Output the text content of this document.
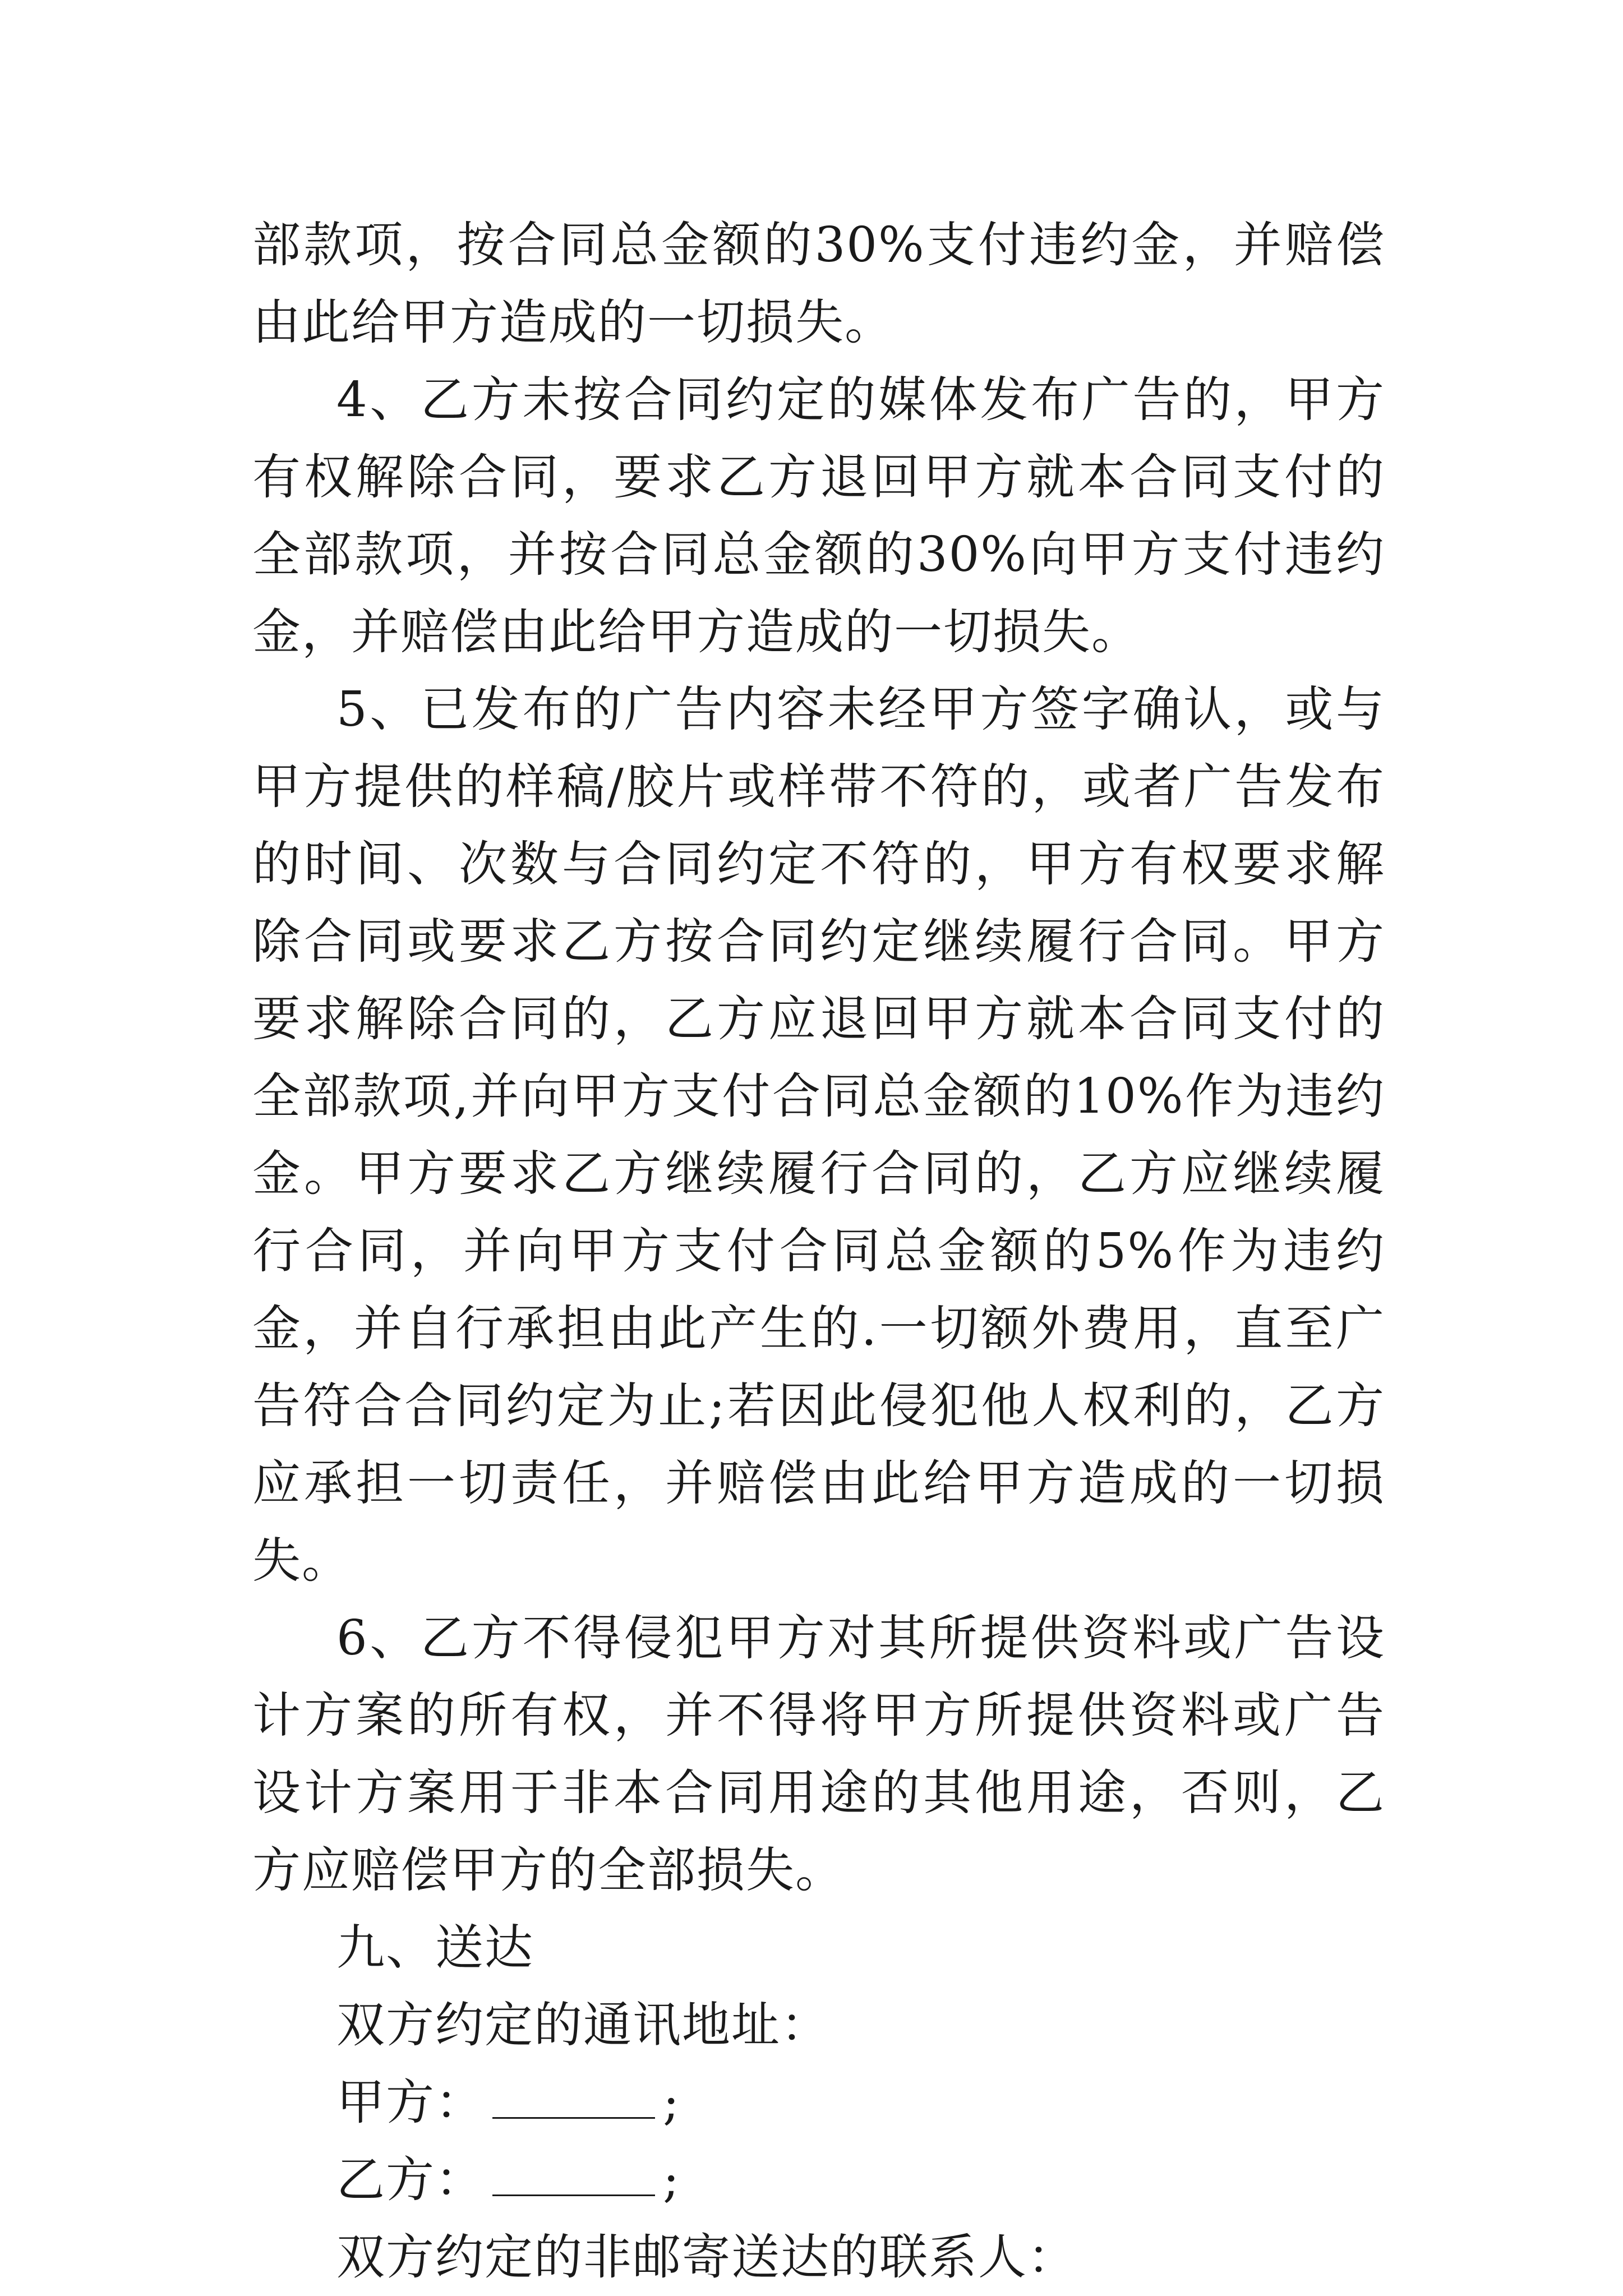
部款项，按合同总金额的30%支付违约金，并赔偿由此给甲方造成的一切损失。

4、乙方未按合同约定的媒体发布广告的，甲方有权解除合同，要求乙方退回甲方就本合同支付的全部款项，并按合同总金额的30%向甲方支付违约金，并赔偿由此给甲方造成的一切损失。

5、已发布的广告内容未经甲方签字确认，或与甲方提供的样稿/胶片或样带不符的，或者广告发布的时间、次数与合同约定不符的，甲方有权要求解除合同或要求乙方按合同约定继续履行合同。甲方要求解除合同的，乙方应退回甲方就本合同支付的全部款项,并向甲方支付合同总金额的10%作为违约金。甲方要求乙方继续履行合同的，乙方应继续履行合同，并向甲方支付合同总金额的5%作为违约金，并自行承担由此产生的.一切额外费用，直至广告符合合同约定为止;若因此侵犯他人权利的，乙方应承担一切责任，并赔偿由此给甲方造成的一切损失。

6、乙方不得侵犯甲方对其所提供资料或广告设计方案的所有权，并不得将甲方所提供资料或广告设计方案用于非本合同用途的其他用途，否则，乙方应赔偿甲方的全部损失。

九、送达

双方约定的通讯地址：

甲方：	;

乙方：	;

双方约定的非邮寄送达的联系人：
